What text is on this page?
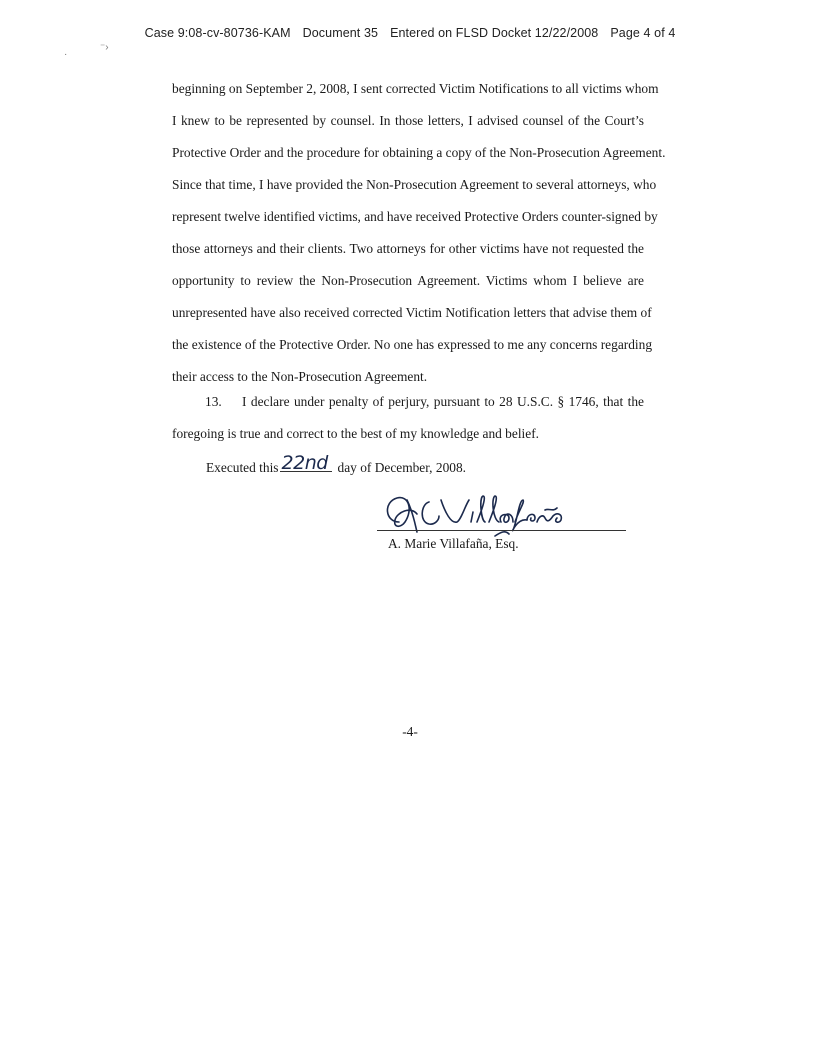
Case 9:08-cv-80736-KAM Document 35 Entered on FLSD Docket 12/22/2008 Page 4 of 4
·
⁻›
beginning on September 2, 2008, I sent corrected Victim Notifications to all victims whom
I knew to be represented by counsel. In those letters, I advised counsel of the Court’s
Protective Order and the procedure for obtaining a copy of the Non-Prosecution Agreement.
Since that time, I have provided the Non-Prosecution Agreement to several attorneys, who
represent twelve identified victims, and have received Protective Orders counter-signed by
those attorneys and their clients. Two attorneys for other victims have not requested the
opportunity to review the Non-Prosecution Agreement. Victims whom I believe are
unrepresented have also received corrected Victim Notification letters that advise them of
the existence of the Protective Order. No one has expressed to me any concerns regarding
their access to the Non-Prosecution Agreement.
13.	I declare under penalty of perjury, pursuant to 28 U.S.C. § 1746, that the
foregoing is true and correct to the best of my knowledge and belief.
Executed this 22nd day of December, 2008.
A. Marie Villafaña, Esq.
-4-
